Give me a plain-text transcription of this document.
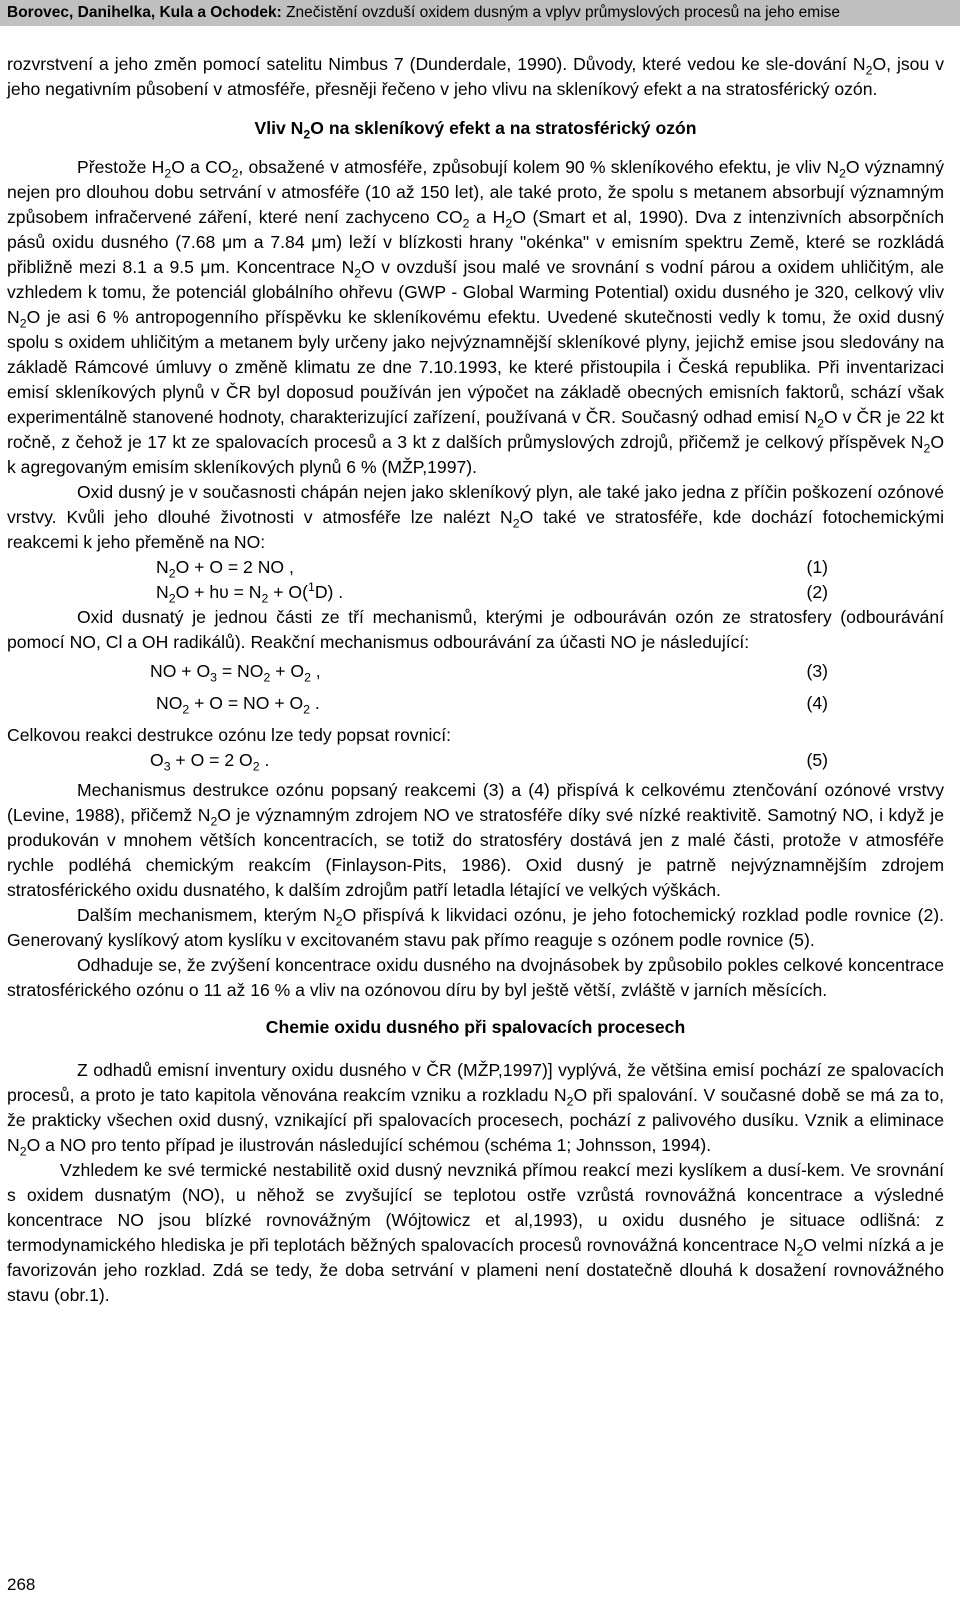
Borovec, Danihelka, Kula a Ochodek: Znečistění ovzduší oxidem dusným a vplyv průmyslových procesů na jeho emise

rozvrstvení a jeho změn pomocí satelitu Nimbus 7 (Dunderdale, 1990). Důvody, které vedou ke sle-dování $N_2O$, jsou v jeho negativním působení v atmosféře, přesněji řečeno v jeho vlivu na skleníkový efekt a na stratosférický ozón.

Vliv $N_2O$ na skleníkový efekt a na stratosférický ozón

Přestože $H_2O$ a $CO_2$, obsažené v atmosféře, způsobují kolem 90 % skleníkového efektu, je vliv $N_2O$ významný nejen pro dlouhou dobu setrvání v atmosféře (10 až 150 let), ale také proto, že spolu s metanem absorbují významným způsobem infračervené záření, které není zachyceno $CO_2$ a $H_2O$ (Smart et al, 1990). Dva z intenzivních absorpčních pásů oxidu dusného (7.68 μm a 7.84 μm) leží v blízkosti hrany "okénka" v emisním spektru Země, které se rozkládá přibližně mezi 8.1 a 9.5 μm. Koncentrace $N_2O$ v ovzduší jsou malé ve srovnání s vodní párou a oxidem uhličitým, ale vzhledem k tomu, že potenciál globálního ohřevu (GWP - Global Warming Potential) oxidu dusného je 320, celkový vliv $N_2O$ je asi 6 % antropogenního příspěvku ke skleníkovému efektu. Uvedené skutečnosti vedly k tomu, že oxid dusný spolu s oxidem uhličitým a metanem byly určeny jako nejvýznamnější skleníkové plyny, jejichž emise jsou sledovány na základě Rámcové úmluvy o změně klimatu ze dne 7.10.1993, ke které přistoupila i Česká republika. Při inventarizaci emisí skleníkových plynů v ČR byl doposud používán jen výpočet na základě obecných emisních faktorů, schází však experimentálně stanovené hodnoty, charakterizující zařízení, používaná v ČR. Současný odhad emisí $N_2O$ v ČR je 22 kt ročně, z čehož je 17 kt ze spalovacích procesů a 3 kt z dalších průmyslových zdrojů, přičemž je celkový příspěvek $N_2O$ k agregovaným emisím skleníkových plynů 6 % (MŽP,1997).

Oxid dusný je v současnosti chápán nejen jako skleníkový plyn, ale také jako jedna z příčin poškození ozónové vrstvy. Kvůli jeho dlouhé životnosti v atmosféře lze nalézt $N_2O$ také ve stratosféře, kde dochází fotochemickými reakcemi k jeho přeměně na NO:

$N_2O + O = 2$ NO ,	(1)
$N_2O + h\upsilon = N_2 + O(^1D)$ .	(2)

Oxid dusnatý je jednou části ze tří mechanismů, kterými je odbouráván ozón ze stratosfery (odbourávání pomocí NO, Cl a OH radikálů). Reakční mechanismus odbourávání za účasti NO je následující:

NO + $O_3 = NO_2 + O_2$ ,	(3)
$NO_2 + O$ = NO + $O_2$ .	(4)

Celkovou reakci destrukce ozónu lze tedy popsat rovnicí:

$O_3 + O = 2$ $O_2$ .	(5)

Mechanismus destrukce ozónu popsaný reakcemi (3) a (4) přispívá k celkovému ztenčování ozónové vrstvy (Levine, 1988), přičemž $N_2O$ je významným zdrojem NO ve stratosféře díky své nízké reaktivitě. Samotný NO, i když je produkován v mnohem větších koncentracích, se totiž do stratosféry dostává jen z malé části, protože v atmosféře rychle podléhá chemickým reakcím (Finlayson-Pits, 1986). Oxid dusný je patrně nejvýznamnějším zdrojem stratosférického oxidu dusnatého, k dalším zdrojům patří letadla létající ve velkých výškách.

Dalším mechanismem, kterým $N_2O$ přispívá k likvidaci ozónu, je jeho fotochemický rozklad podle rovnice (2). Generovaný kyslíkový atom kyslíku v excitovaném stavu pak přímo reaguje s ozónem podle rovnice (5).

Odhaduje se, že zvýšení koncentrace oxidu dusného na dvojnásobek by způsobilo pokles celkové koncentrace stratosférického ozónu o 11 až 16 % a vliv na ozónovou díru by byl ještě větší, zvláště v jarních měsících.

Chemie oxidu dusného při spalovacích procesech

Z odhadů emisní inventury oxidu dusného v ČR (MŽP,1997)] vyplývá, že většina emisí pochází ze spalovacích procesů, a proto je tato kapitola věnována reakcím vzniku a rozkladu $N_2O$ při spalování. V současné době se má za to, že prakticky všechen oxid dusný, vznikající při spalovacích procesech, pochází z palivového dusíku. Vznik a eliminace $N_2O$ a NO pro tento případ je ilustrován následující schémou (schéma 1; Johnsson, 1994).

Vzhledem ke své termické nestabilitě oxid dusný nevzniká přímou reakcí mezi kyslíkem a dusí-kem. Ve srovnání s oxidem dusnatým (NO), u něhož se zvyšující se teplotou ostře vzrůstá rovnovážná koncentrace a výsledné koncentrace NO jsou blízké rovnovážným (Wójtowicz et al,1993), u oxidu dusného je situace odlišná: z termodynamického hlediska je při teplotách běžných spalovacích procesů rovnovážná koncentrace $N_2O$ velmi nízká a je favorizován jeho rozklad. Zdá se tedy, že doba setrvání v plameni není dostatečně dlouhá k dosažení rovnovážného stavu (obr.1).

268
